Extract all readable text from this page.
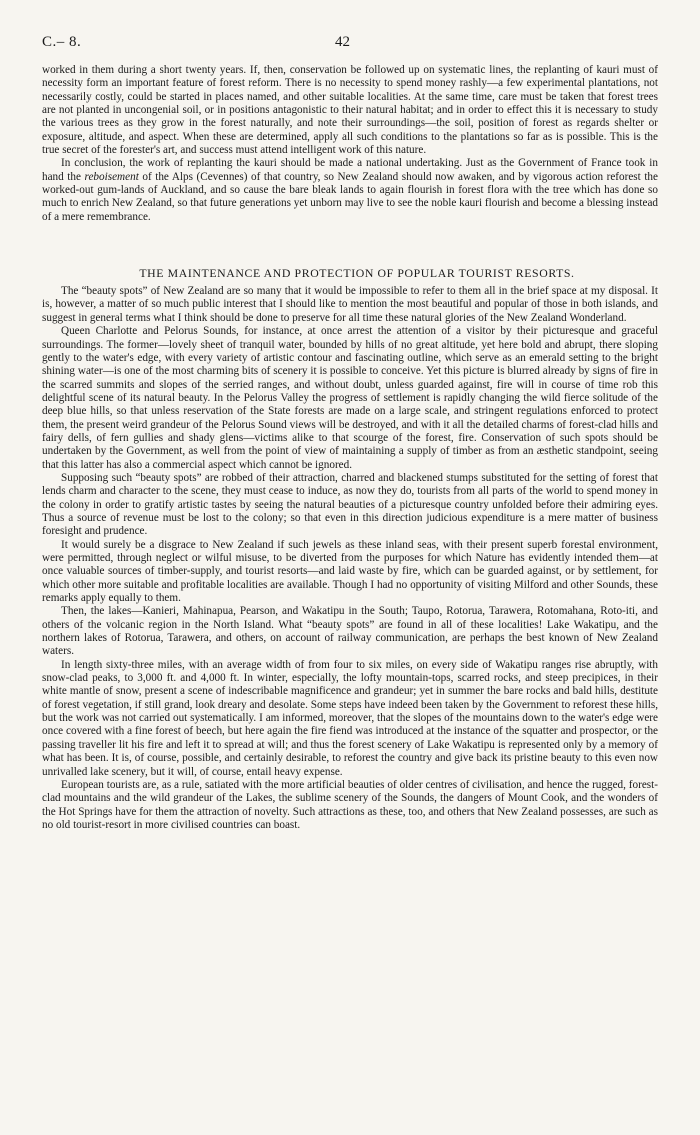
C.– 8.	42

worked in them during a short twenty years. If, then, conservation be followed up on systematic lines, the replanting of kauri must of necessity form an important feature of forest reform. There is no necessity to spend money rashly—a few experimental plantations, not necessarily costly, could be started in places named, and other suitable localities. At the same time, care must be taken that forest trees are not planted in uncongenial soil, or in positions antagonistic to their natural habitat; and in order to effect this it is necessary to study the various trees as they grow in the forest naturally, and note their surroundings—the soil, position of forest as regards shelter or exposure, altitude, and aspect. When these are determined, apply all such conditions to the plantations so far as is possible. This is the true secret of the forester's art, and success must attend intelligent work of this nature.

In conclusion, the work of replanting the kauri should be made a national undertaking. Just as the Government of France took in hand the reboisement of the Alps (Cevennes) of that country, so New Zealand should now awaken, and by vigorous action reforest the worked-out gum-lands of Auckland, and so cause the bare bleak lands to again flourish in forest flora with the tree which has done so much to enrich New Zealand, so that future generations yet unborn may live to see the noble kauri flourish and become a blessing instead of a mere remembrance.

THE MAINTENANCE AND PROTECTION OF POPULAR TOURIST RESORTS.

The “beauty spots” of New Zealand are so many that it would be impossible to refer to them all in the brief space at my disposal. It is, however, a matter of so much public interest that I should like to mention the most beautiful and popular of those in both islands, and suggest in general terms what I think should be done to preserve for all time these natural glories of the New Zealand Wonderland.

Queen Charlotte and Pelorus Sounds, for instance, at once arrest the attention of a visitor by their picturesque and graceful surroundings. The former—lovely sheet of tranquil water, bounded by hills of no great altitude, yet here bold and abrupt, there sloping gently to the water's edge, with every variety of artistic contour and fascinating outline, which serve as an emerald setting to the bright shining water—is one of the most charming bits of scenery it is possible to conceive. Yet this picture is blurred already by signs of fire in the scarred summits and slopes of the serried ranges, and without doubt, unless guarded against, fire will in course of time rob this delightful scene of its natural beauty. In the Pelorus Valley the progress of settlement is rapidly changing the wild fierce solitude of the deep blue hills, so that unless reservation of the State forests are made on a large scale, and stringent regulations enforced to protect them, the present weird grandeur of the Pelorus Sound views will be destroyed, and with it all the detailed charms of forest-clad hills and fairy dells, of fern gullies and shady glens—victims alike to that scourge of the forest, fire. Conservation of such spots should be undertaken by the Government, as well from the point of view of maintaining a supply of timber as from an æsthetic standpoint, seeing that this latter has also a commercial aspect which cannot be ignored.

Supposing such “beauty spots” are robbed of their attraction, charred and blackened stumps substituted for the setting of forest that lends charm and character to the scene, they must cease to induce, as now they do, tourists from all parts of the world to spend money in the colony in order to gratify artistic tastes by seeing the natural beauties of a picturesque country unfolded before their admiring eyes. Thus a source of revenue must be lost to the colony; so that even in this direction judicious expenditure is a mere matter of business foresight and prudence.

It would surely be a disgrace to New Zealand if such jewels as these inland seas, with their present superb forestal environment, were permitted, through neglect or wilful misuse, to be diverted from the purposes for which Nature has evidently intended them—at once valuable sources of timber-supply, and tourist resorts—and laid waste by fire, which can be guarded against, or by settlement, for which other more suitable and profitable localities are available. Though I had no opportunity of visiting Milford and other Sounds, these remarks apply equally to them.

Then, the lakes—Kanieri, Mahinapua, Pearson, and Wakatipu in the South; Taupo, Rotorua, Tarawera, Rotomahana, Roto-iti, and others of the volcanic region in the North Island. What “beauty spots” are found in all of these localities! Lake Wakatipu, and the northern lakes of Rotorua, Tarawera, and others, on account of railway communication, are perhaps the best known of New Zealand waters.

In length sixty-three miles, with an average width of from four to six miles, on every side of Wakatipu ranges rise abruptly, with snow-clad peaks, to 3,000 ft. and 4,000 ft. In winter, especially, the lofty mountain-tops, scarred rocks, and steep precipices, in their white mantle of snow, present a scene of indescribable magnificence and grandeur; yet in summer the bare rocks and bald hills, destitute of forest vegetation, if still grand, look dreary and desolate. Some steps have indeed been taken by the Government to reforest these hills, but the work was not carried out systematically. I am informed, moreover, that the slopes of the mountains down to the water's edge were once covered with a fine forest of beech, but here again the fire fiend was introduced at the instance of the squatter and prospector, or the passing traveller lit his fire and left it to spread at will; and thus the forest scenery of Lake Wakatipu is represented only by a memory of what has been. It is, of course, possible, and certainly desirable, to reforest the country and give back its pristine beauty to this even now unrivalled lake scenery, but it will, of course, entail heavy expense.

European tourists are, as a rule, satiated with the more artificial beauties of older centres of civilisation, and hence the rugged, forest-clad mountains and the wild grandeur of the Lakes, the sublime scenery of the Sounds, the dangers of Mount Cook, and the wonders of the Hot Springs have for them the attraction of novelty. Such attractions as these, too, and others that New Zealand possesses, are such as no old tourist-resort in more civilised countries can boast.
